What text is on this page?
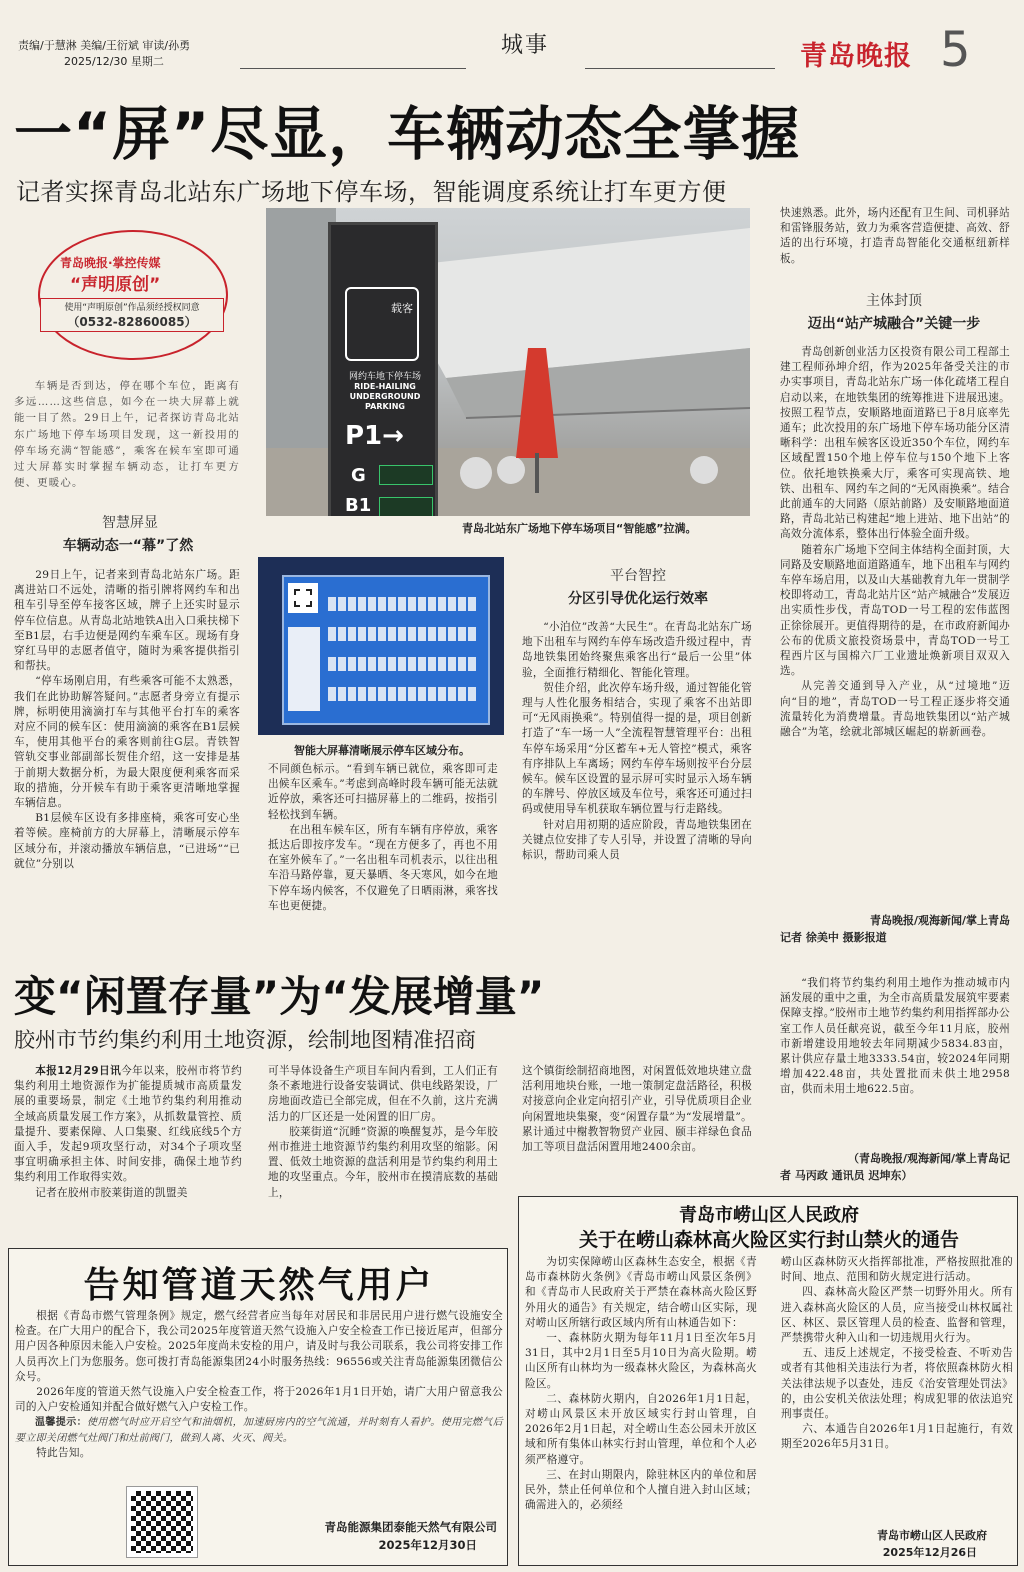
责编/于慧淋 美编/王衍斌 审读/孙勇
2025/12/30 星期二
城事	青岛晚报 5
一“屏”尽显，车辆动态全掌握
记者实探青岛北站东广场地下停车场，智能调度系统让打车更方便
青岛晚报·掌控传媒
“声明原创”
使用“声明原创”作品须经授权同意
（0532-82860085）
车辆是否到达，停在哪个车位，距离有多远……这些信息，如今在一块大屏幕上就能一目了然。29日上午，记者探访青岛北站东广场地下停车场项目发现，这一新投用的停车场充满“智能感”，乘客在候车室即可通过大屏幕实时掌握车辆动态，让打车更方便、更暖心。
智慧屏显
车辆动态一“幕”了然

29日上午，记者来到青岛北站东广场。距离进站口不远处，清晰的指引牌将网约车和出租车引导至停车接客区域，牌子上还实时显示停车位信息。从青岛北站地铁A出入口乘扶梯下至B1层，右手边便是网约车乘车区。现场有身穿红马甲的志愿者值守，随时为乘客提供指引和帮扶。

“停车场刚启用，有些乘客可能不太熟悉，我们在此协助解答疑问。”志愿者身旁立有提示牌，标明使用滴滴打车与其他平台打车的乘客对应不同的候车区：使用滴滴的乘客在B1层候车，使用其他平台的乘客则前往G层。青铁智管轨交事业部副部长贺佳介绍，这一安排是基于前期大数据分析，为最大限度便利乘客而采取的措施，分开候车有助于乘客更清晰地掌握车辆信息。

B1层候车区设有多排座椅，乘客可安心坐着等候。座椅前方的大屏幕上，清晰展示停车区域分布，并滚动播放车辆信息，“已进场”“已就位”分别以

载客
网约车地下停车场
RIDE-HAILING UNDERGROUND PARKING
P1→
G
B1
青岛北站东广场地下停车场项目“智能感”拉满。
智能大屏幕清晰展示停车区域分布。

不同颜色标示。“看到车辆已就位，乘客即可走出候车区乘车。”考虑到高峰时段车辆可能无法就近停放，乘客还可扫描屏幕上的二维码，按指引轻松找到车辆。

在出租车候车区，所有车辆有序停放，乘客抵达后即按序发车。“现在方便多了，再也不用在室外候车了。”一名出租车司机表示，以往出租车沿马路停靠，夏天暴晒、冬天寒风，如今在地下停车场内候客，不仅避免了日晒雨淋，乘客找车也更便捷。

平台智控
分区引导优化运行效率

“小泊位”改善“大民生”。在青岛北站东广场地下出租车与网约车停车场改造升级过程中，青岛地铁集团始终聚焦乘客出行“最后一公里”体验，全面推行精细化、智能化管理。

贺佳介绍，此次停车场升级，通过智能化管理与人性化服务相结合，实现了乘客不出站即可“无风雨换乘”。特别值得一提的是，项目创新打造了“车一场一人”全流程智慧管理平台：出租车停车场采用“分区蓄车+无人管控”模式，乘客有序排队上车离场；网约车停车场则按平台分层候车。候车区设置的显示屏可实时显示入场车辆的车牌号、停放区域及车位号，乘客还可通过扫码或使用导车机获取车辆位置与行走路线。

针对启用初期的适应阶段，青岛地铁集团在关键点位安排了专人引导，并设置了清晰的导向标识，帮助司乘人员

快速熟悉。此外，场内还配有卫生间、司机驿站和雷锋服务站，致力为乘客营造便捷、高效、舒适的出行环境，打造青岛智能化交通枢纽新样板。

主体封顶
迈出“站产城融合”关键一步

青岛创新创业活力区投资有限公司工程部土建工程师孙坤介绍，作为2025年备受关注的市办实事项目，青岛北站东广场一体化疏堵工程自启动以来，在地铁集团的统筹推进下进展迅速。按照工程节点，安顺路地面道路已于8月底率先通车；此次投用的东广场地下停车场功能分区清晰科学：出租车候客区设近350个车位，网约车区域配置150个地上停车位与150个地下上客位。依托地铁换乘大厅，乘客可实现高铁、地铁、出租车、网约车之间的“无风雨换乘”。结合此前通车的大同路（原站前路）及安顺路地面道路，青岛北站已构建起“地上进站、地下出站”的高效分流体系，整体出行体验全面升级。

随着东广场地下空间主体结构全面封顶，大同路及安顺路地面道路通车，地下出租车与网约车停车场启用，以及山大基础教育九年一贯制学校即将动工，青岛北站片区“站产城融合”发展迈出实质性步伐，青岛TOD一号工程的宏伟蓝图正徐徐展开。更值得期待的是，在市政府新闻办公布的优质文旅投资场景中，青岛TOD一号工程西片区与国棉六厂工业遗址焕新项目双双入选。

从完善交通到导入产业，从“过境地”迈向“目的地”，青岛TOD一号工程正逐步将交通流量转化为消费增量。青岛地铁集团以“站产城融合”为笔，绘就北部城区崛起的崭新画卷。

青岛晚报/观海新闻/掌上青岛
记者 徐美中 摄影报道
变“闲置存量”为“发展增量”
胶州市节约集约利用土地资源，绘制地图精准招商

本报12月29日讯今年以来，胶州市将节约集约利用土地资源作为扩能提质城市高质量发展的重要场景，制定《土地节约集约利用推动全域高质量发展工作方案》，从抓数量管控、质量提升、要素保障、人口集聚、红线底线5个方面入手，发起9项攻坚行动，对34个子项攻坚事宜明确承担主体、时间安排，确保土地节约集约利用工作取得实效。

记者在胶州市胶莱街道的凯盟美

可半导体设备生产项目车间内看到，工人们正有条不紊地进行设备安装调试、供电线路架设，厂房地面改造已全部完成，但在不久前，这片充满活力的厂区还是一处闲置的旧厂房。

胶莱街道“沉睡”资源的唤醒复苏，是今年胶州市推进土地资源节约集约利用攻坚的缩影。闲置、低效土地资源的盘活利用是节约集约利用土地的攻坚重点。今年，胶州市在摸清底数的基础上，

这个镇街绘制招商地图，对闲置低效地块建立盘活利用地块台账，一地一策制定盘活路径，积极对接意向企业定向招引产业，引导优质项目企业向闲置地块集聚，变“闲置存量”为“发展增量”。累计通过中榭教智物贸产业园、颐丰祥绿色食品加工等项目盘活闲置用地2400余亩。

“我们将节约集约利用土地作为推动城市内涵发展的重中之重，为全市高质量发展筑牢要素保障支撑。”胶州市土地节约集约利用指挥部办公室工作人员任献亮说，截至今年11月底，胶州市新增建设用地较去年同期减少5834.83亩，累计供应存量土地3333.54亩，较2024年同期增加422.48亩，共处置批而未供土地2958亩，供而未用土地622.5亩。

（青岛晚报/观海新闻/掌上青岛记
者 马丙政 通讯员 迟坤东）
告知管道天然气用户

根据《青岛市燃气管理条例》规定，燃气经营者应当每年对居民和非居民用户进行燃气设施安全检查。在广大用户的配合下，我公司2025年度管道天然气设施入户安全检查工作已接近尾声，但部分用户因各种原因未能入户安检。2025年度尚未安检的用户，请及时与我公司联系，我公司将安排工作人员再次上门为您服务。您可拨打青岛能源集团24小时服务热线：96556或关注青岛能源集团微信公众号。

2026年度的管道天然气设施入户安全检查工作，将于2026年1月1日开始，请广大用户留意我公司的入户安检通知并配合做好燃气入户安检工作。

温馨提示：使用燃气时应开启空气和油烟机，加速厨房内的空气流通，并时刻有人看护。使用完燃气后要立即关闭燃气灶阀门和灶前阀门，做到人离、火灭、阀关。

特此告知。

青岛能源集团泰能天然气有限公司
2025年12月30日
青岛市崂山区人民政府
关于在崂山森林高火险区实行封山禁火的通告

为切实保障崂山区森林生态安全，根据《青岛市森林防火条例》《青岛市崂山风景区条例》和《青岛市人民政府关于严禁在森林高火险区野外用火的通告》有关规定，结合崂山区实际，现对崂山区所辖行政区域内所有山林通告如下：

一、森林防火期为每年11月1日至次年5月31日，其中2月1日至5月10日为高火险期。崂山区所有山林均为一级森林火险区，为森林高火险区。

二、森林防火期内，自2026年1月1日起，对崂山风景区未开放区域实行封山管理，自2026年2月1日起，对全崂山生态公园未开放区域和所有集体山林实行封山管理，单位和个人必须严格遵守。

三、在封山期限内，除驻林区内的单位和居民外，禁止任何单位和个人擅自进入封山区域；确需进入的，必须经

崂山区森林防灭火指挥部批准，严格按照批准的时间、地点、范围和防火规定进行活动。

四、森林高火险区严禁一切野外用火。所有进入森林高火险区的人员，应当接受山林权属社区、林区、景区管理人员的检查、监督和管理，严禁携带火种入山和一切违规用火行为。

五、违反上述规定，不接受检查、不听劝告或者有其他相关违法行为者，将依照森林防火相关法律法规予以查处，违反《治安管理处罚法》的，由公安机关依法处理；构成犯罪的依法追究刑事责任。

六、本通告自2026年1月1日起施行，有效期至2026年5月31日。

青岛市崂山区人民政府
2025年12月26日
